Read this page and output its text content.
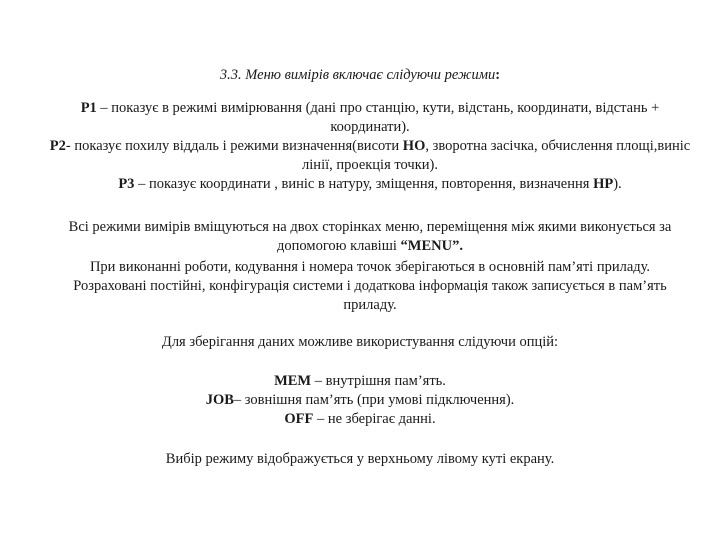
3.3. Меню вимірів включає слідуючи режими:

P1 – показує в режимі вимірювання (дані про станцію, кути, відстань, координати, відстань + координати).

P2- показує похилу віддаль і режими визначення(висоти НО, зворотна засічка, обчислення площі,виніс лінії, проекція точки).

P3 – показує координати , виніс в натуру, зміщення, повторення, визначення НР).

Всі режими вимірів вміщуються на двох сторінках меню, переміщення між якими виконується за допомогою клавіші “MENU”.

При виконанні роботи, кодування і номера точок зберігаються в основній пам’яті приладу. Розраховані постійні, конфігурація системи і додаткова інформація також записується в пам’ять приладу.

Для зберігання даних можливе використування слідуючи опцій:

MEM – внутрішня пам’ять.

JOB– зовнішня пам’ять (при умові підключення).

OFF – не зберігає данні.

Вибір режиму відображується у верхньому лівому куті екрану.
